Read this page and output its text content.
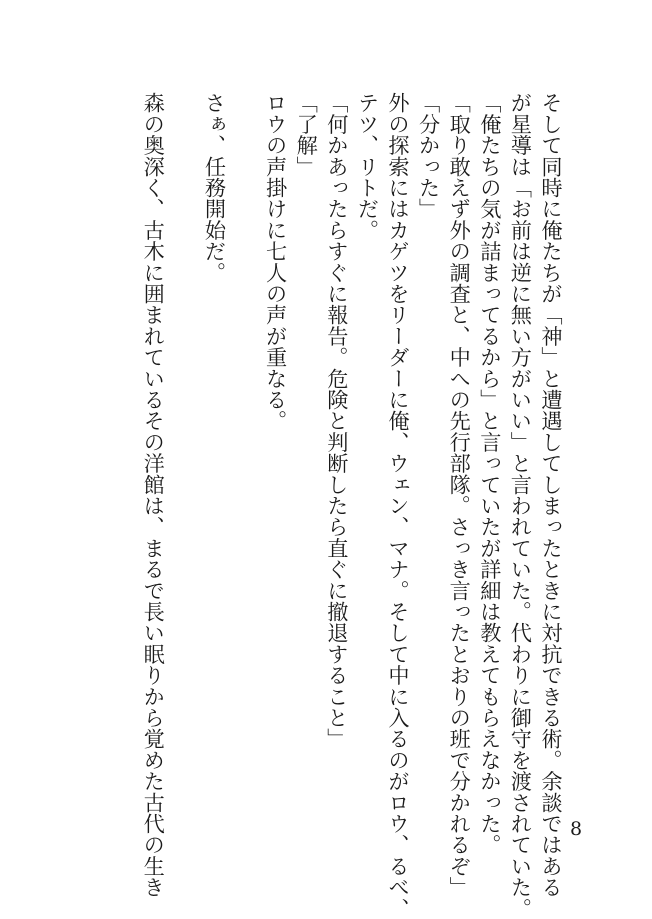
そして同時に俺たちが「神」と遭遇してしまったときに対抗できる術。余談ではある

が星導は「お前は逆に無い方がいい」と言われていた。代わりに御守を渡されていた。

「俺たちの気が詰まってるから」と言っていたが詳細は教えてもらえなかった。

「取り敢えず外の調査と、中への先行部隊。さっき言ったとおりの班で分かれるぞ」

「分かった」

外の探索にはカゲツをリーダーに俺、ウェン、マナ。そして中に入るのがロウ、るべ、

テツ、リトだ。

「何かあったらすぐに報告。危険と判断したら直ぐに撤退すること」

「了解」

ロウの声掛けに七人の声が重なる。

さぁ、任務開始だ。

森の奥深く、古木に囲まれているその洋館は、まるで長い眠りから覚めた古代の生き	8
